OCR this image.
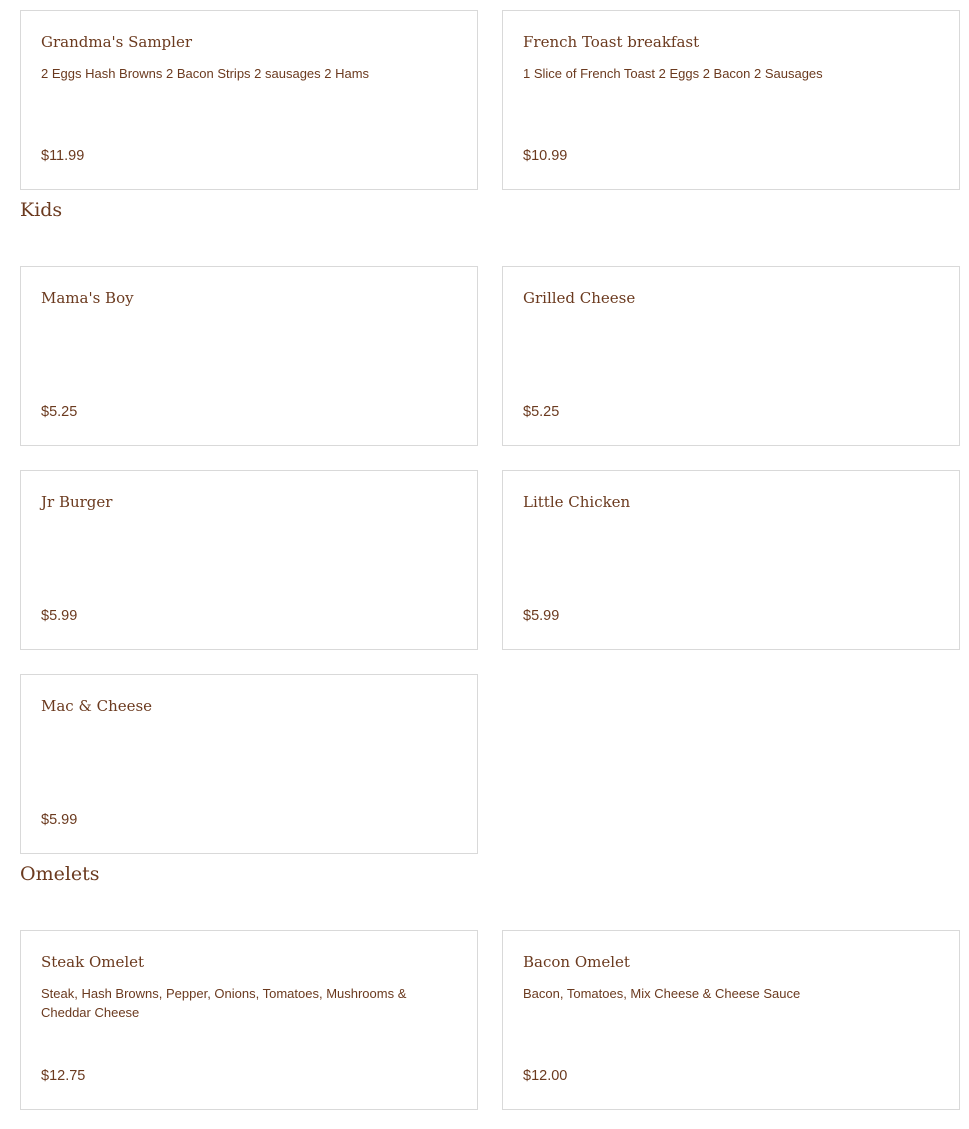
Grandma's Sampler

2 Eggs Hash Browns 2 Bacon Strips 2 sausages 2 Hams

$11.99

French Toast breakfast

1 Slice of French Toast 2 Eggs 2 Bacon 2 Sausages

$10.99

Kids
Mama's Boy

$5.25

Grilled Cheese

$5.25

Jr Burger

$5.99

Little Chicken

$5.99

Mac & Cheese

$5.99

Omelets
Steak Omelet

Steak, Hash Browns, Pepper, Onions, Tomatoes, Mushrooms & Cheddar Cheese

$12.75

Bacon Omelet

Bacon, Tomatoes, Mix Cheese & Cheese Sauce

$12.00
